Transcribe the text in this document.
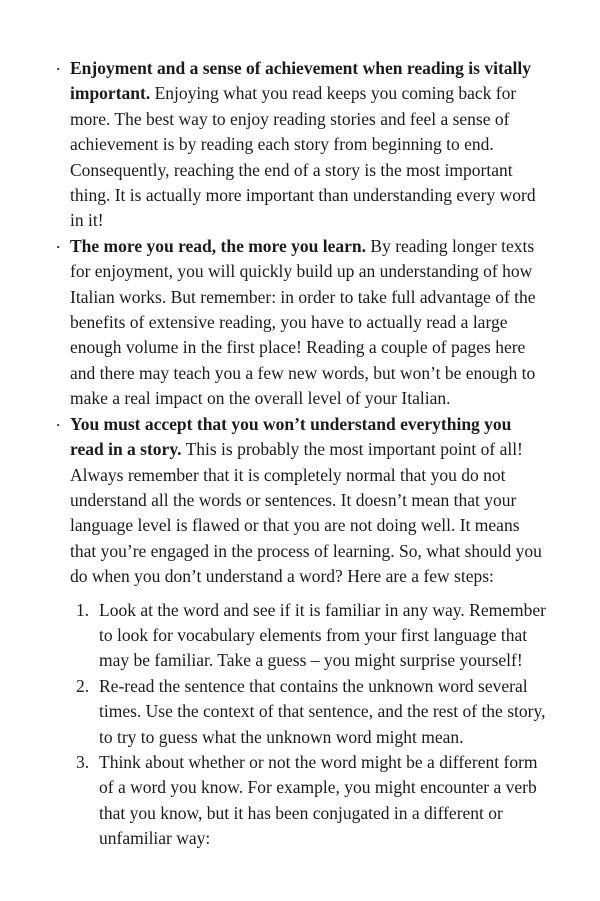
· Enjoyment and a sense of achievement when reading is vitally important. Enjoying what you read keeps you coming back for more. The best way to enjoy reading stories and feel a sense of achievement is by reading each story from beginning to end. Consequently, reaching the end of a story is the most important thing. It is actually more important than understanding every word in it!
· The more you read, the more you learn. By reading longer texts for enjoyment, you will quickly build up an understanding of how Italian works. But remember: in order to take full advantage of the benefits of extensive reading, you have to actually read a large enough volume in the first place! Reading a couple of pages here and there may teach you a few new words, but won’t be enough to make a real impact on the overall level of your Italian.
· You must accept that you won’t understand everything you read in a story. This is probably the most important point of all! Always remember that it is completely normal that you do not understand all the words or sentences. It doesn’t mean that your language level is flawed or that you are not doing well. It means that you’re engaged in the process of learning. So, what should you do when you don’t understand a word? Here are a few steps:
1. Look at the word and see if it is familiar in any way. Remember to look for vocabulary elements from your first language that may be familiar. Take a guess – you might surprise yourself!
2. Re-read the sentence that contains the unknown word several times. Use the context of that sentence, and the rest of the story, to try to guess what the unknown word might mean.
3. Think about whether or not the word might be a different form of a word you know. For example, you might encounter a verb that you know, but it has been conjugated in a different or unfamiliar way:
